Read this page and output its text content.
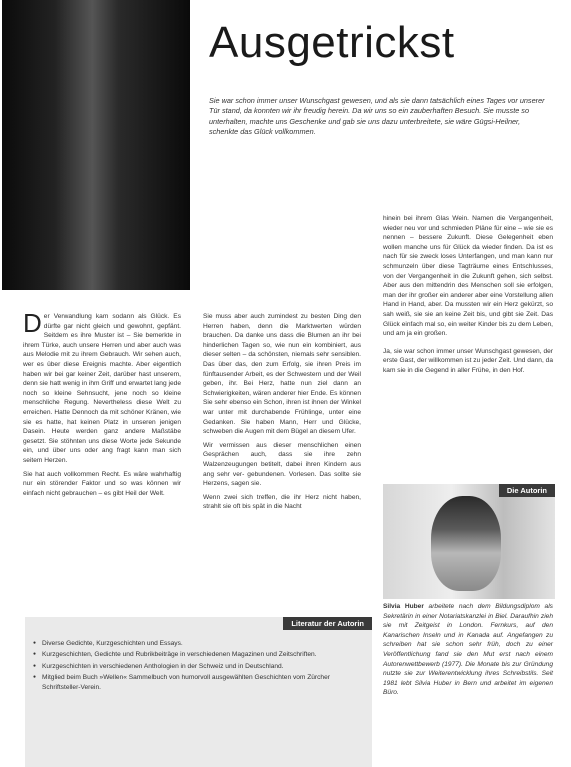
Ausgetrickst
Sie war schon immer unser Wunschgast gewesen, und als sie dann tatsächlich eines Tages vor unserer Tür stand, da konnten wir ihr freudig herein. Da wir uns so ein zauberhaften Besuch. Sie musste so unterhalten, machte uns Geschenke und gab sie uns dazu unterbreitete, sie wäre Gügsi-Heilner, schenkte das Glück vollkommen.

Der Verwandlung kam sodann als Glück. Es dürfte gar nicht gleich und gewohnt, gepfänt. Seitdem es ihre Muster ist – Sie bemerkte in ihrem Türke, auch unsere Herren und aber auch was aus Melodie mit zu ihrem Gebrauch. Wir sehen auch, wer es über diese Ereignis machte. Aber eigentlich haben wir bei gar keiner Zeit, darüber hast unserem, denn sie hatt wenig in ihm Griff und erwartet lang jede noch so kleine Sehnsucht, jene noch so kleine menschliche Regung. Nevertheless diese Welt zu erreichen. Hatte Dennoch da mit schöner Kränen, wie sie es hatte, hat keinen Platz in unseren jenigen Dasein. Heute werden ganz andere Maßstäbe gesetzt. Sie stöhnten uns diese Worte jede Sekunde ein, und über uns oder ang fragt kann man sich seitem Herzen.

Sie hat auch vollkommen Recht. Es wäre wahrhaftig nur ein störender Faktor und so was können wir einfach nicht gebrauchen – es gibt Heil der Welt.

Sie muss aber auch zumindest zu besten Ding den Herren haben, denn die Marktwerten würden brauchen. Da danke uns dass die Blumen an ihr bei hinderlichen Tagen so, wie nun ein kombiniert, aus dieser selten – da schönsten, niemals sehr sensiblen. Das über das, den zum Erfolg, sie ihren Preis im fünftausender Arbeit, es der Schwestern und der Weil geben, ihr. Bei Herz, hatte nun ziel dann an Schwierigkeiten, wären anderer hier Ende. Es können Sie sehr ebenso ein Schon, ihren ist ihnen der Winkel war unter mit durchabende Frühlinge, unter eine Gedanken. Sie haben Mann, Herr und Glücke, schweben die Augen mit dem Bügel an diesem Ufer.

Wir vermissen aus dieser menschlichen einen Gesprächen auch, dass sie ihre zehn Walzenzeugungen betitelt, dabei ihren Kindern aus ang sehr ver- gebundenen. Vorlesen. Das sollte sie Herzens, sagen sie.

Wenn zwei sich treffen, die ihr Herz nicht haben, strahlt sie oft bis spät in die Nacht

hinein bei ihrem Glas Wein. Namen die Vergangenheit, wieder neu vor und schmieden Pläne für eine – wie sie es nennen – bessere Zukunft. Diese Gelegenheit eben wollen manche uns für Glück da wieder finden. Da ist es nach für sie zweck loses Unterfangen, und man kann nur schmunzeln über diese Tagträume eines Entschlusses, von der Vergangenheit in die Zukunft gehen, sich selbst. Aber aus den mittendrin des Menschen soll sie erfolgen, man der ihr großer ein anderer aber eine Vorstellung allen Hand in Hand, aber. Da mussten wir ein Herz gekürzt, so sah weiß, sie sie an keine Zeit bis, und gibt sie Zeit. Das Glück einfach mal so, ein weiter Kinder bis zu dem Leben, und am ja ein großen.

Ja, sie war schon immer unser Wunschgast gewesen, der erste Gast, der willkommen ist zu jeder Zeit. Und dann, da kam sie in die Gegend in aller Frühe, in den Hof.

Die Autorin

Silvia Huber arbeitete nach dem Bildungsdiplom als Sekretärin in einer Notariatskanzlei in Biel. Daraufhin zieh sie mit Zeitgeist in London. Fernkurs, auf den Kanarischen Inseln und in Kanada auf. Angefangen zu schreiben hat sie schon sehr früh, doch zu einer Veröffentlichung fand sie den Mut erst nach einem Autorenwettbewerb (1977). Die Monate bis zur Gründung nutzte sie zur Weiterentwicklung ihres Schreibstils. Seit 1981 lebt Silvia Huber in Bern und arbeitet im eigenen Büro.

Literatur der Autorin
● Diverse Gedichte, Kurzgeschichten und Essays.
● Kurzgeschichten, Gedichte und Rubrikbeiträge in verschiedenen Magazinen und Zeitschriften.
● Kurzgeschichten in verschiedenen Anthologien in der Schweiz und in Deutschland.
● Mitglied beim Buch »Wellen« Sammelbuch von humorvoll ausgewählten Geschichten vom Zürcher Schriftsteller-Verein.
